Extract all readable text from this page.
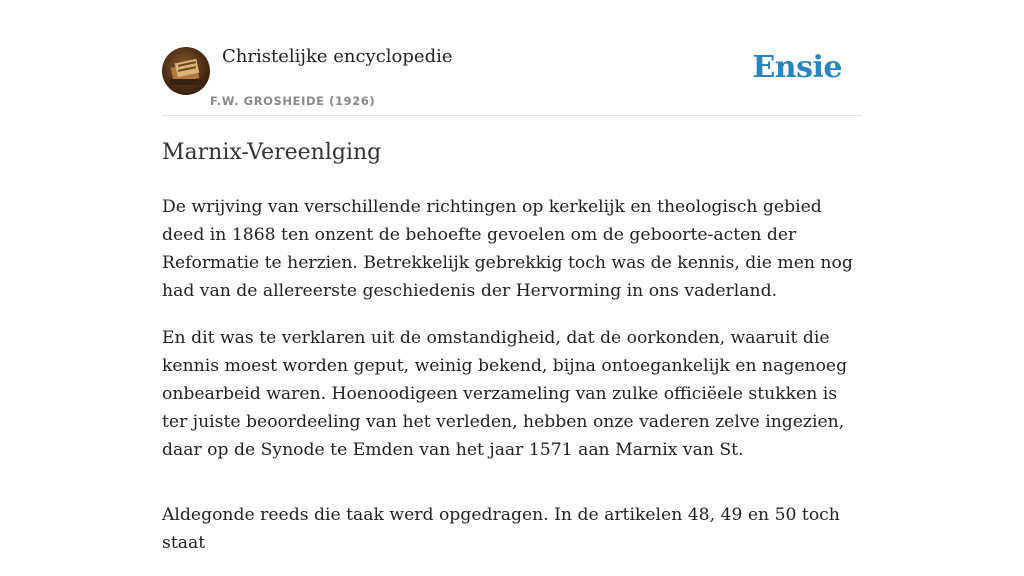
Christelijke encyclopedie
F.W. GROSHEIDE (1926)
Ensie
Marnix-Vereenlging

De wrijving van verschillende richtingen op kerkelijk en theologisch gebied deed in 1868 ten onzent de behoefte gevoelen om de geboorte-acten der Reformatie te herzien. Betrekkelijk gebrekkig toch was de kennis, die men nog had van de allereerste geschiedenis der Hervorming in ons vaderland.

En dit was te verklaren uit de omstandigheid, dat de oorkonden, waaruit die kennis moest worden geput, weinig bekend, bijna ontoegankelijk en nagenoeg onbearbeid waren. Hoenoodigeen verzameling van zulke officiëele stukken is ter juiste beoordeeling van het verleden, hebben onze vaderen zelve ingezien, daar op de Synode te Emden van het jaar 1571 aan Marnix van St.

Aldegonde reeds die taak werd opgedragen. In de artikelen 48, 49 en 50 toch staat
